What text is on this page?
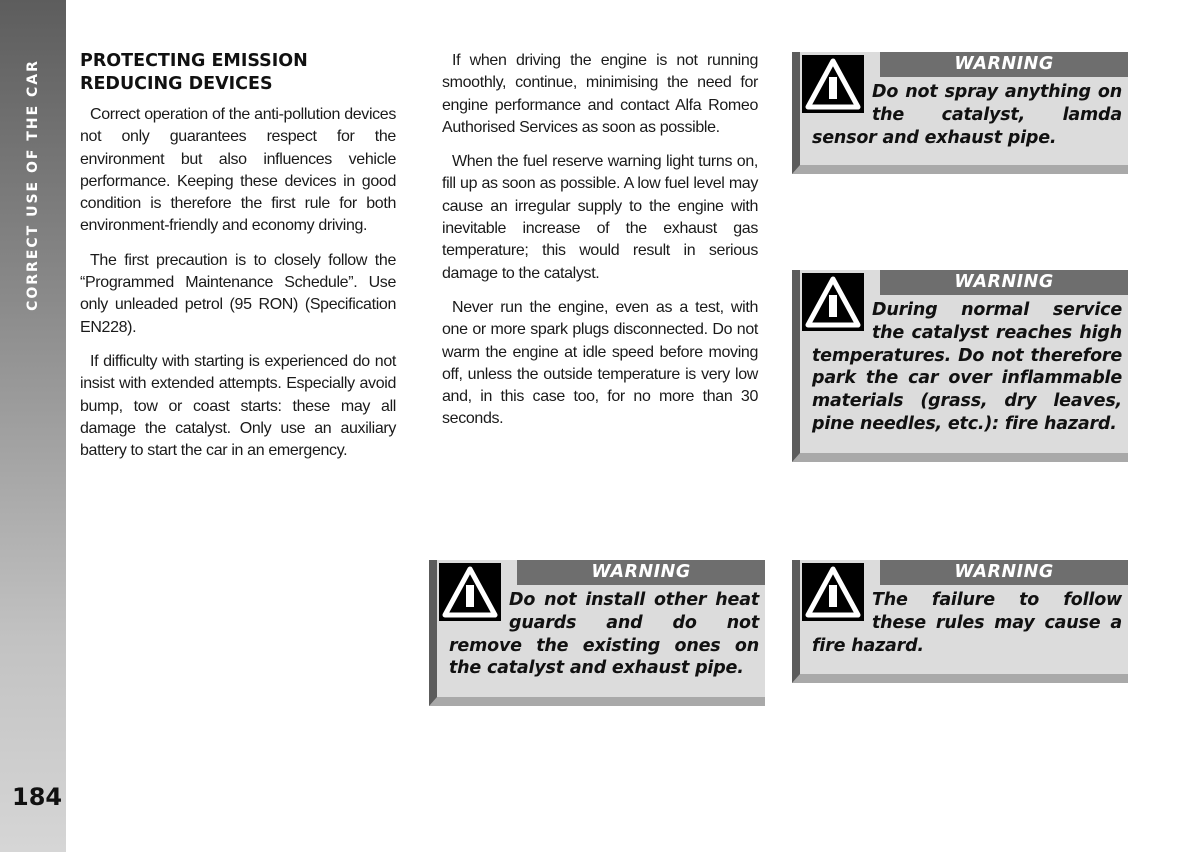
CORRECT USE OF THE CAR
184
PROTECTING EMISSION
REDUCING DEVICES

Correct operation of the anti-pollution devices not only guarantees respect for the environment but also influences vehicle performance. Keeping these devices in good condition is therefore the first rule for both environment-friendly and economy driving.

The first precaution is to closely follow the “Programmed Maintenance Schedule”. Use only unleaded petrol (95 RON) (Specification EN228).

If difficulty with starting is experienced do not insist with extended attempts. Especially avoid bump, tow or coast starts: these may all damage the catalyst. Only use an auxiliary battery to start the car in an emergency.

If when driving the engine is not running smoothly, continue, minimising the need for engine performance and contact Alfa Romeo Authorised Services as soon as possible.

When the fuel reserve warning light turns on, fill up as soon as possible. A low fuel level may cause an irregular supply to the engine with inevitable increase of the exhaust gas temperature; this would result in serious damage to the catalyst.

Never run the engine, even as a test, with one or more spark plugs disconnected. Do not warm the engine at idle speed before moving off, unless the outside temperature is very low and, in this case too, for no more than 30 seconds.

WARNING
Do not spray anything on the catalyst, lamda sensor and exhaust pipe.
WARNING
During normal service the catalyst reaches high temperatures. Do not therefore park the car over inflammable materials (grass, dry leaves, pine needles, etc.): fire hazard.
WARNING
Do not install other heat guards and do not remove the existing ones on the catalyst and exhaust pipe.
WARNING
The failure to follow these rules may cause a fire hazard.
